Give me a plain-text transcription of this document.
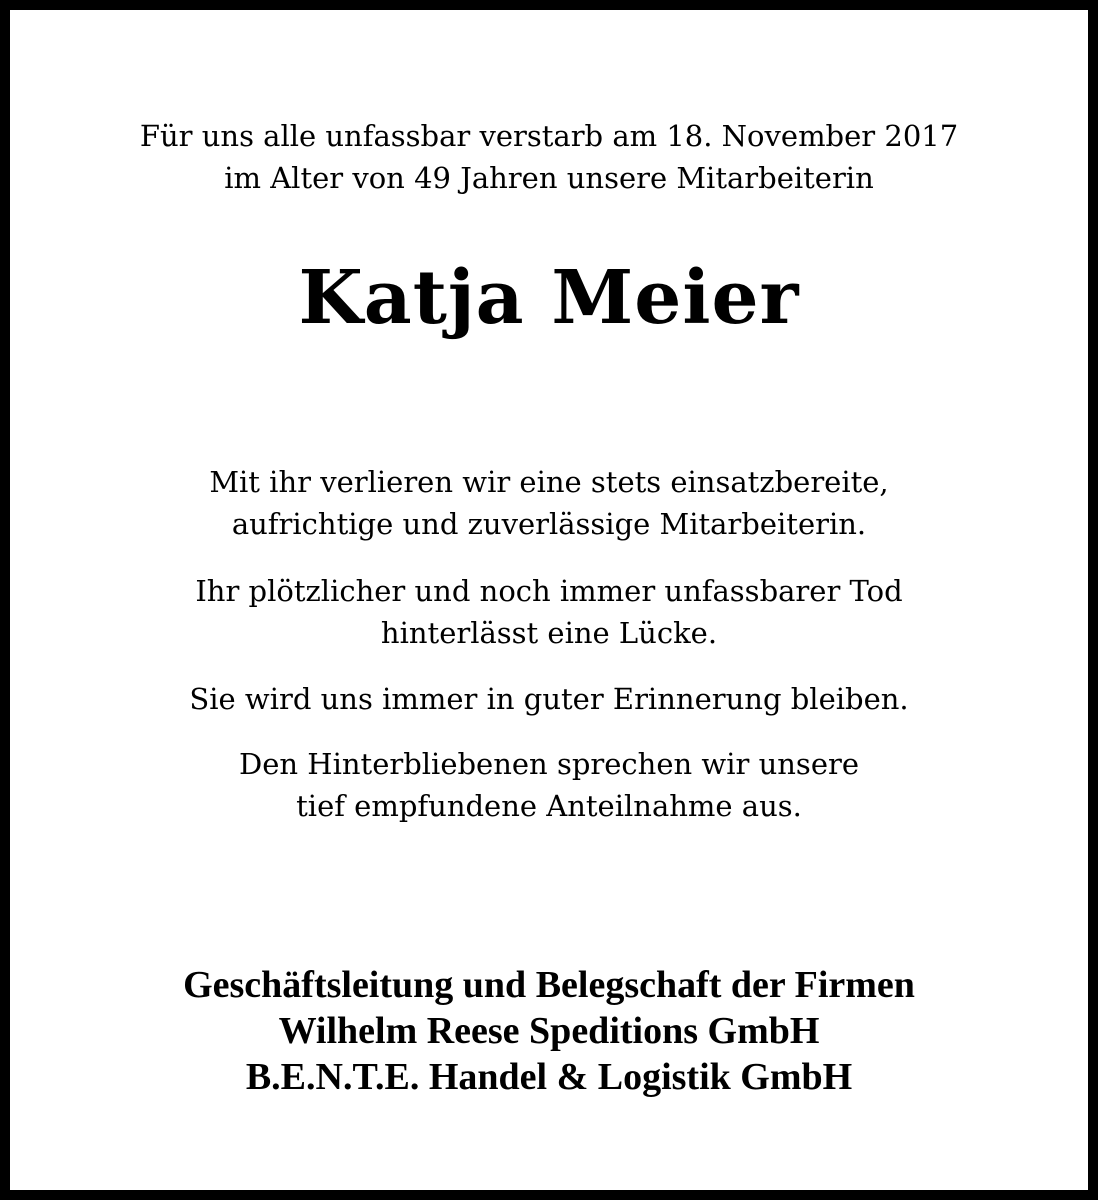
Für uns alle unfassbar verstarb am 18. November 2017
im Alter von 49 Jahren unsere Mitarbeiterin
Katja Meier
Mit ihr verlieren wir eine stets einsatzbereite,
aufrichtige und zuverlässige Mitarbeiterin.
Ihr plötzlicher und noch immer unfassbarer Tod
hinterlässt eine Lücke.
Sie wird uns immer in guter Erinnerung bleiben.
Den Hinterbliebenen sprechen wir unsere
tief empfundene Anteilnahme aus.
Geschäftsleitung und Belegschaft der Firmen
Wilhelm Reese Speditions GmbH
B.E.N.T.E. Handel & Logistik GmbH
